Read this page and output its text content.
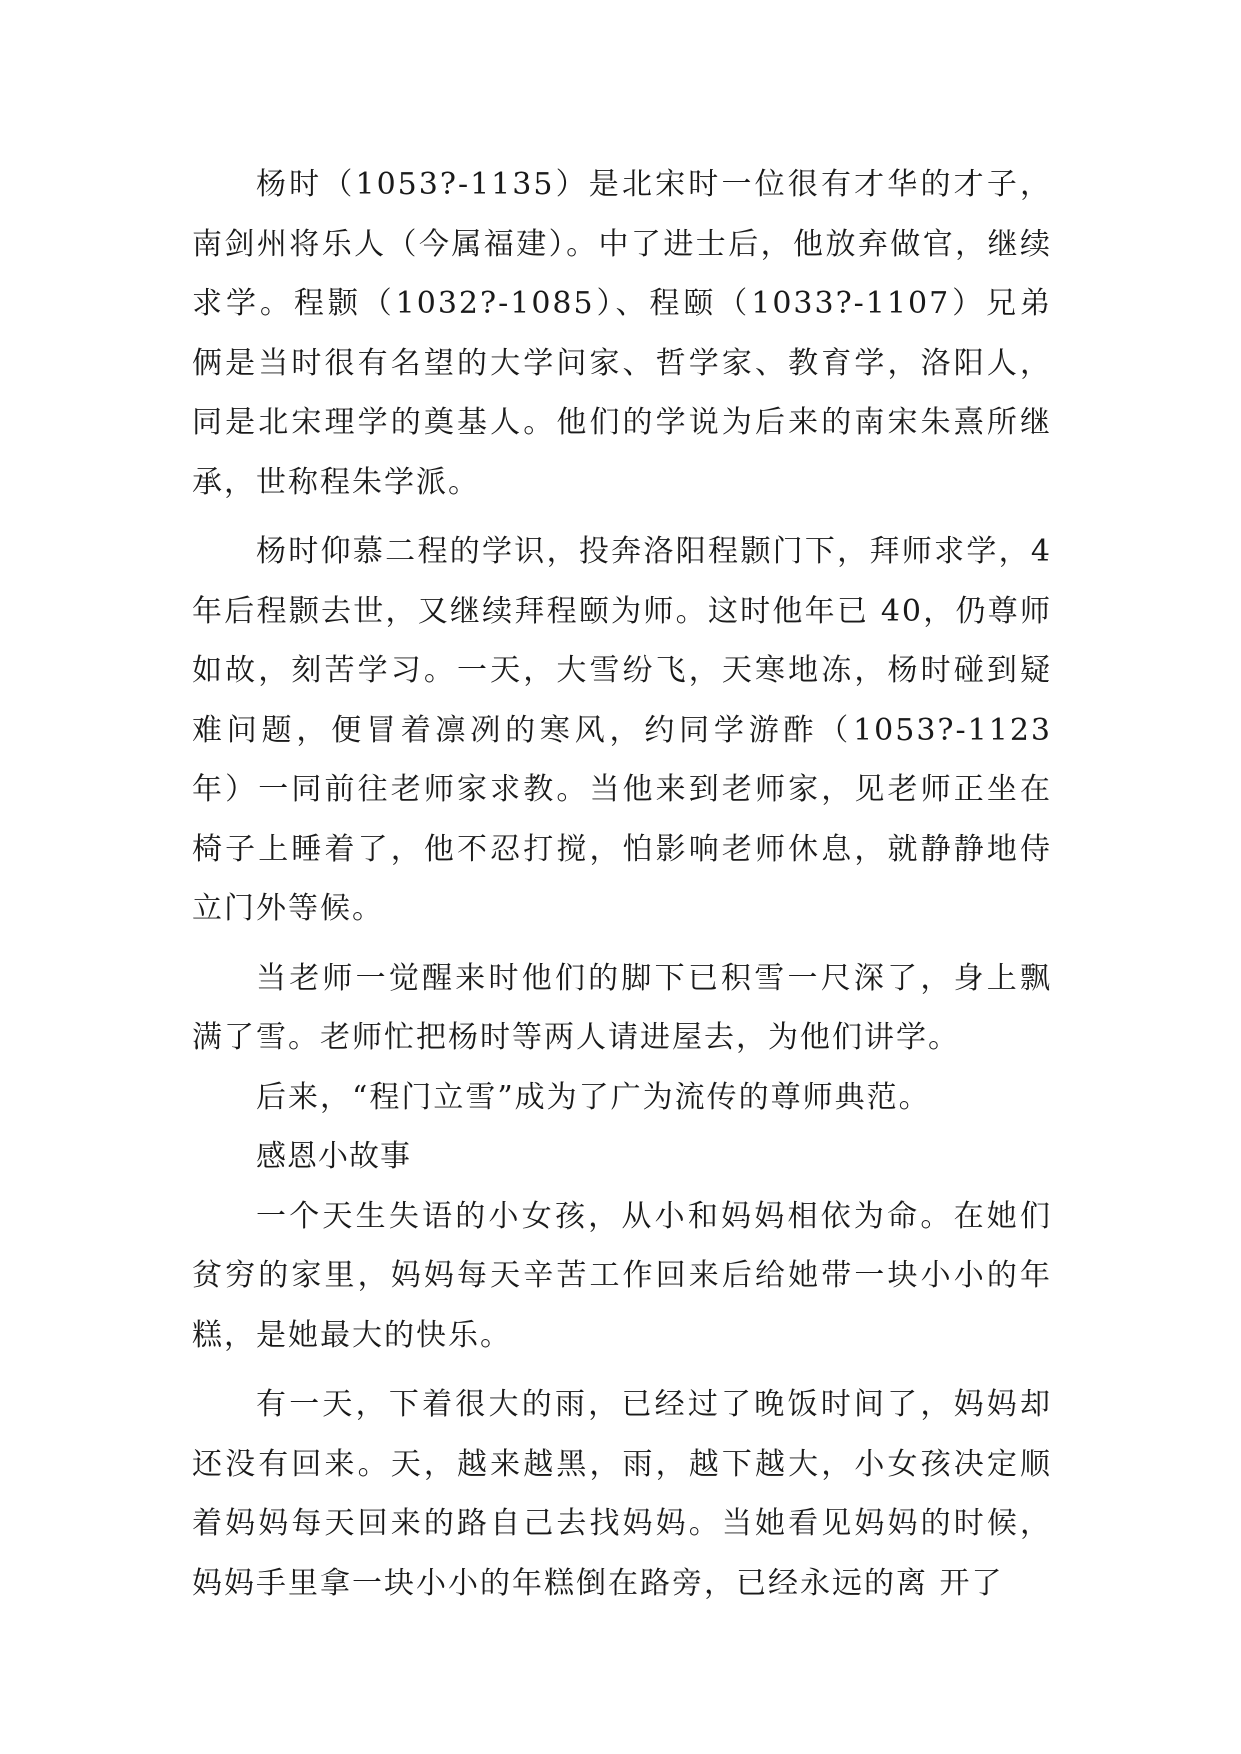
杨时（1053?-1135）是北宋时一位很有才华的才子，南剑州将乐人（今属福建）。中了进士后，他放弃做官，继续求学。程颢（1032?-1085）、程颐（1033?-1107）兄弟俩是当时很有名望的大学问家、哲学家、教育学，洛阳人，同是北宋理学的奠基人。他们的学说为后来的南宋朱熹所继承，世称程朱学派。

杨时仰慕二程的学识，投奔洛阳程颢门下，拜师求学，4 年后程颢去世，又继续拜程颐为师。这时他年已 40，仍尊师如故，刻苦学习。一天，大雪纷飞，天寒地冻，杨时碰到疑难问题，便冒着凛冽的寒风，约同学游酢（1053?-1123 年）一同前往老师家求教。当他来到老师家，见老师正坐在椅子上睡着了，他不忍打搅，怕影响老师休息，就静静地侍立门外等候。

当老师一觉醒来时他们的脚下已积雪一尺深了，身上飘满了雪。老师忙把杨时等两人请进屋去，为他们讲学。

后来，“程门立雪”成为了广为流传的尊师典范。

感恩小故事

一个天生失语的小女孩，从小和妈妈相依为命。在她们贫穷的家里，妈妈每天辛苦工作回来后给她带一块小小的年糕，是她最大的快乐。

有一天，下着很大的雨，已经过了晚饭时间了，妈妈却还没有回来。天，越来越黑，雨，越下越大，小女孩决定顺着妈妈每天回来的路自己去找妈妈。当她看见妈妈的时候，妈妈手里拿一块小小的年糕倒在路旁，已经永远的离 开了
